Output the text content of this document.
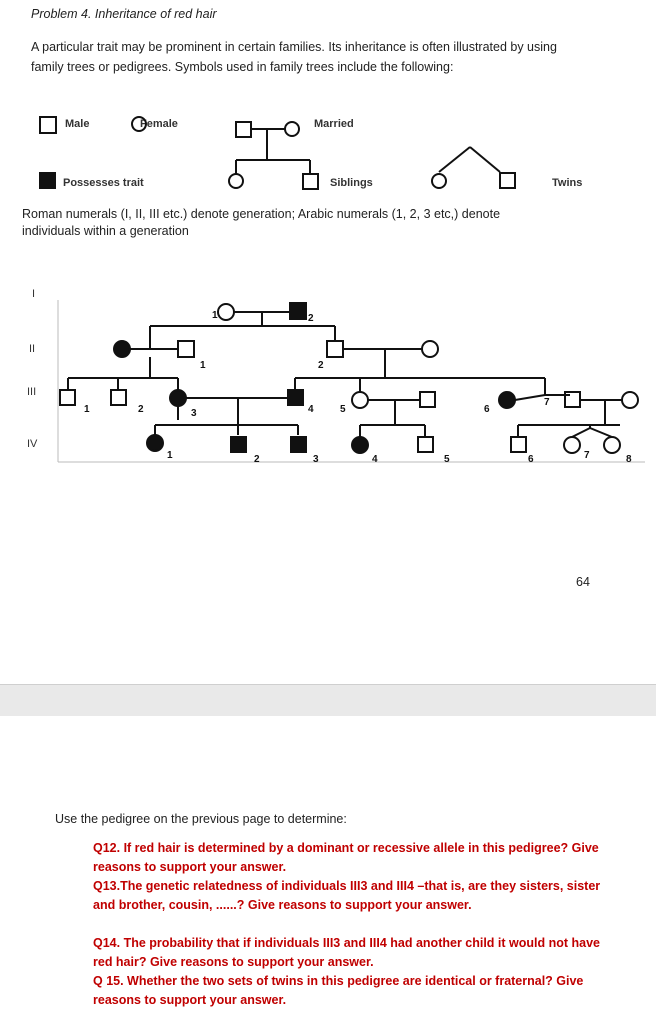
Problem 4. Inheritance of red hair
A particular trait may be prominent in certain families. Its inheritance is often illustrated by using family trees or pedigrees. Symbols used in family trees include the following:
Male	Female	Married
Possesses trait	Siblings	Twins
Roman numerals (I, II, III etc.) denote generation; Arabic numerals (1, 2, 3 etc,) denote individuals within a generation
I
II
III
IV
1	2
1	2
1	2	3	4	5	6
7
1	2	3	4	5	6	7	8
64
Use the pedigree on the previous page to determine:
Q12. If red hair is determined by a dominant or recessive allele in this pedigree? Give reasons to support your answer.
Q13.The genetic relatedness of individuals III3 and III4 –that is, are they sisters, sister and brother, cousin, ......? Give reasons to support your answer.
Q14. The probability that if individuals III3 and III4 had another child it would not have red hair? Give reasons to support your answer.
Q 15. Whether the two sets of twins in this pedigree are identical or fraternal? Give reasons to support your answer.
